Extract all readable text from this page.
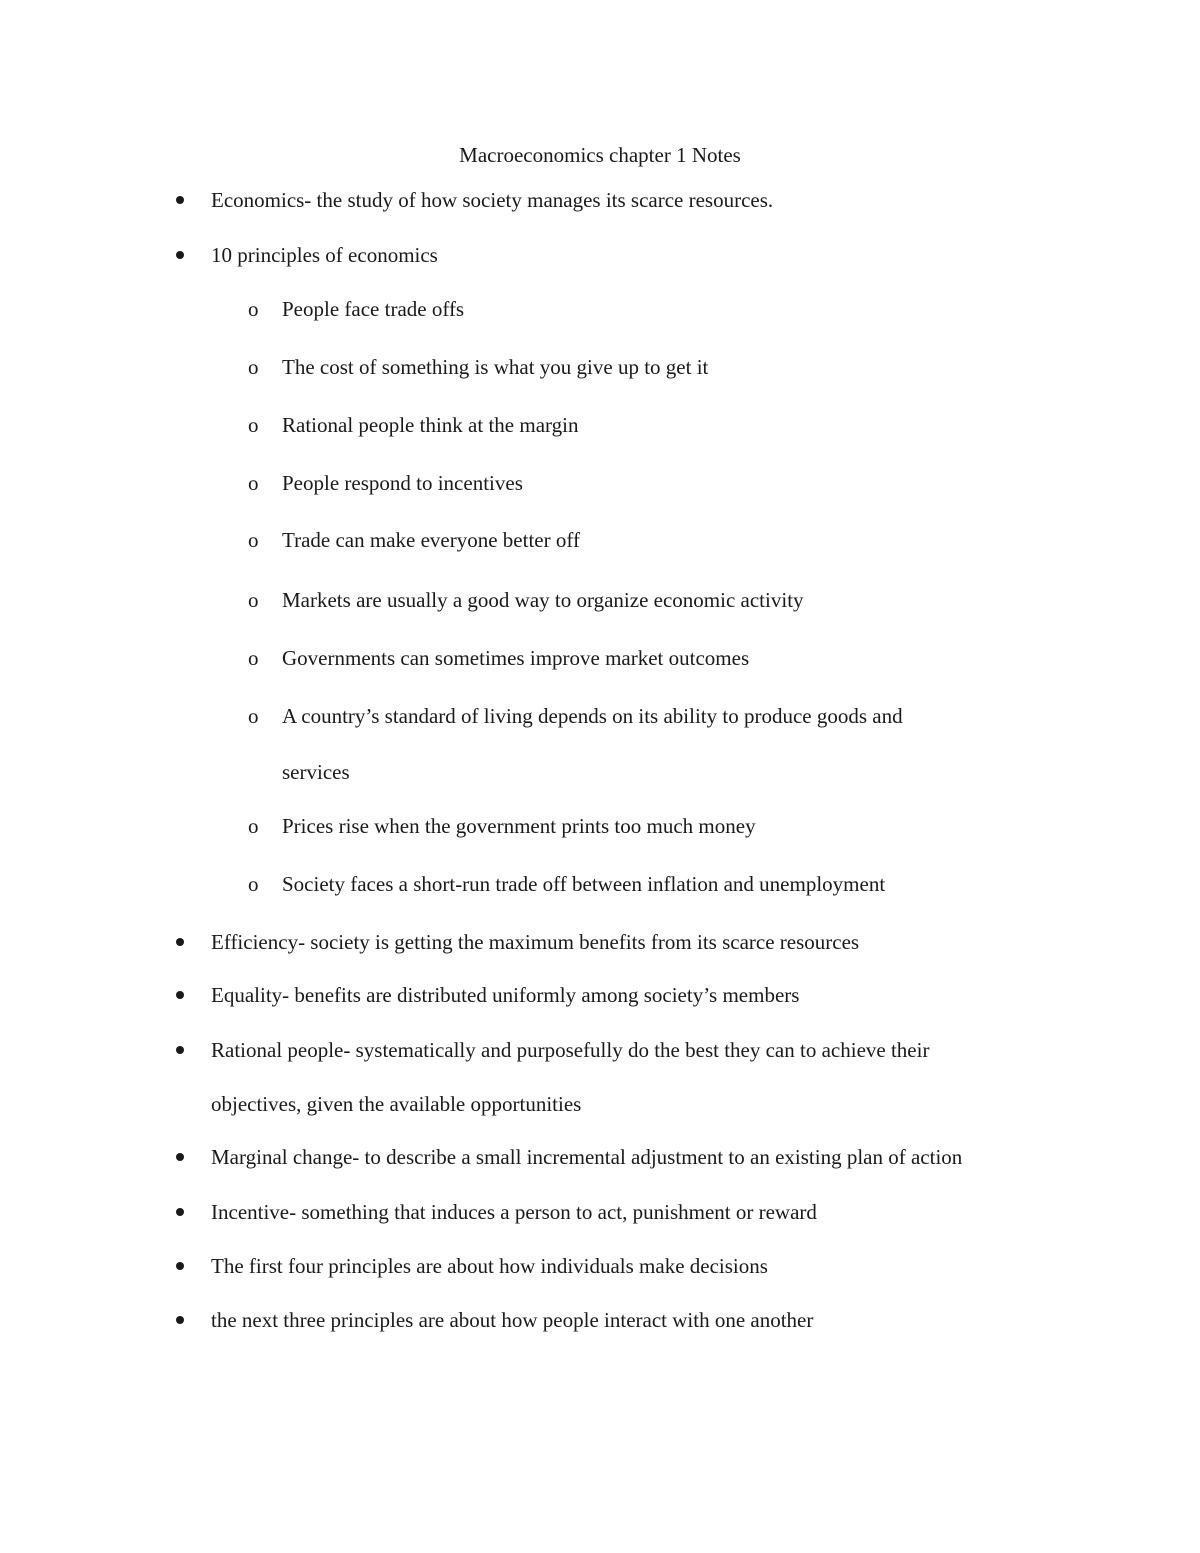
Macroeconomics chapter 1 Notes
Economics- the study of how society manages its scarce resources.
10 principles of economics
o People face trade offs
o The cost of something is what you give up to get it
o Rational people think at the margin
o People respond to incentives
o Trade can make everyone better off
o Markets are usually a good way to organize economic activity
o Governments can sometimes improve market outcomes
o A country’s standard of living depends on its ability to produce goods and
services
o Prices rise when the government prints too much money
o Society faces a short-run trade off between inflation and unemployment
Efficiency- society is getting the maximum benefits from its scarce resources
Equality- benefits are distributed uniformly among society’s members
Rational people- systematically and purposefully do the best they can to achieve their
objectives, given the available opportunities
Marginal change- to describe a small incremental adjustment to an existing plan of action
Incentive- something that induces a person to act, punishment or reward
The first four principles are about how individuals make decisions
the next three principles are about how people interact with one another
